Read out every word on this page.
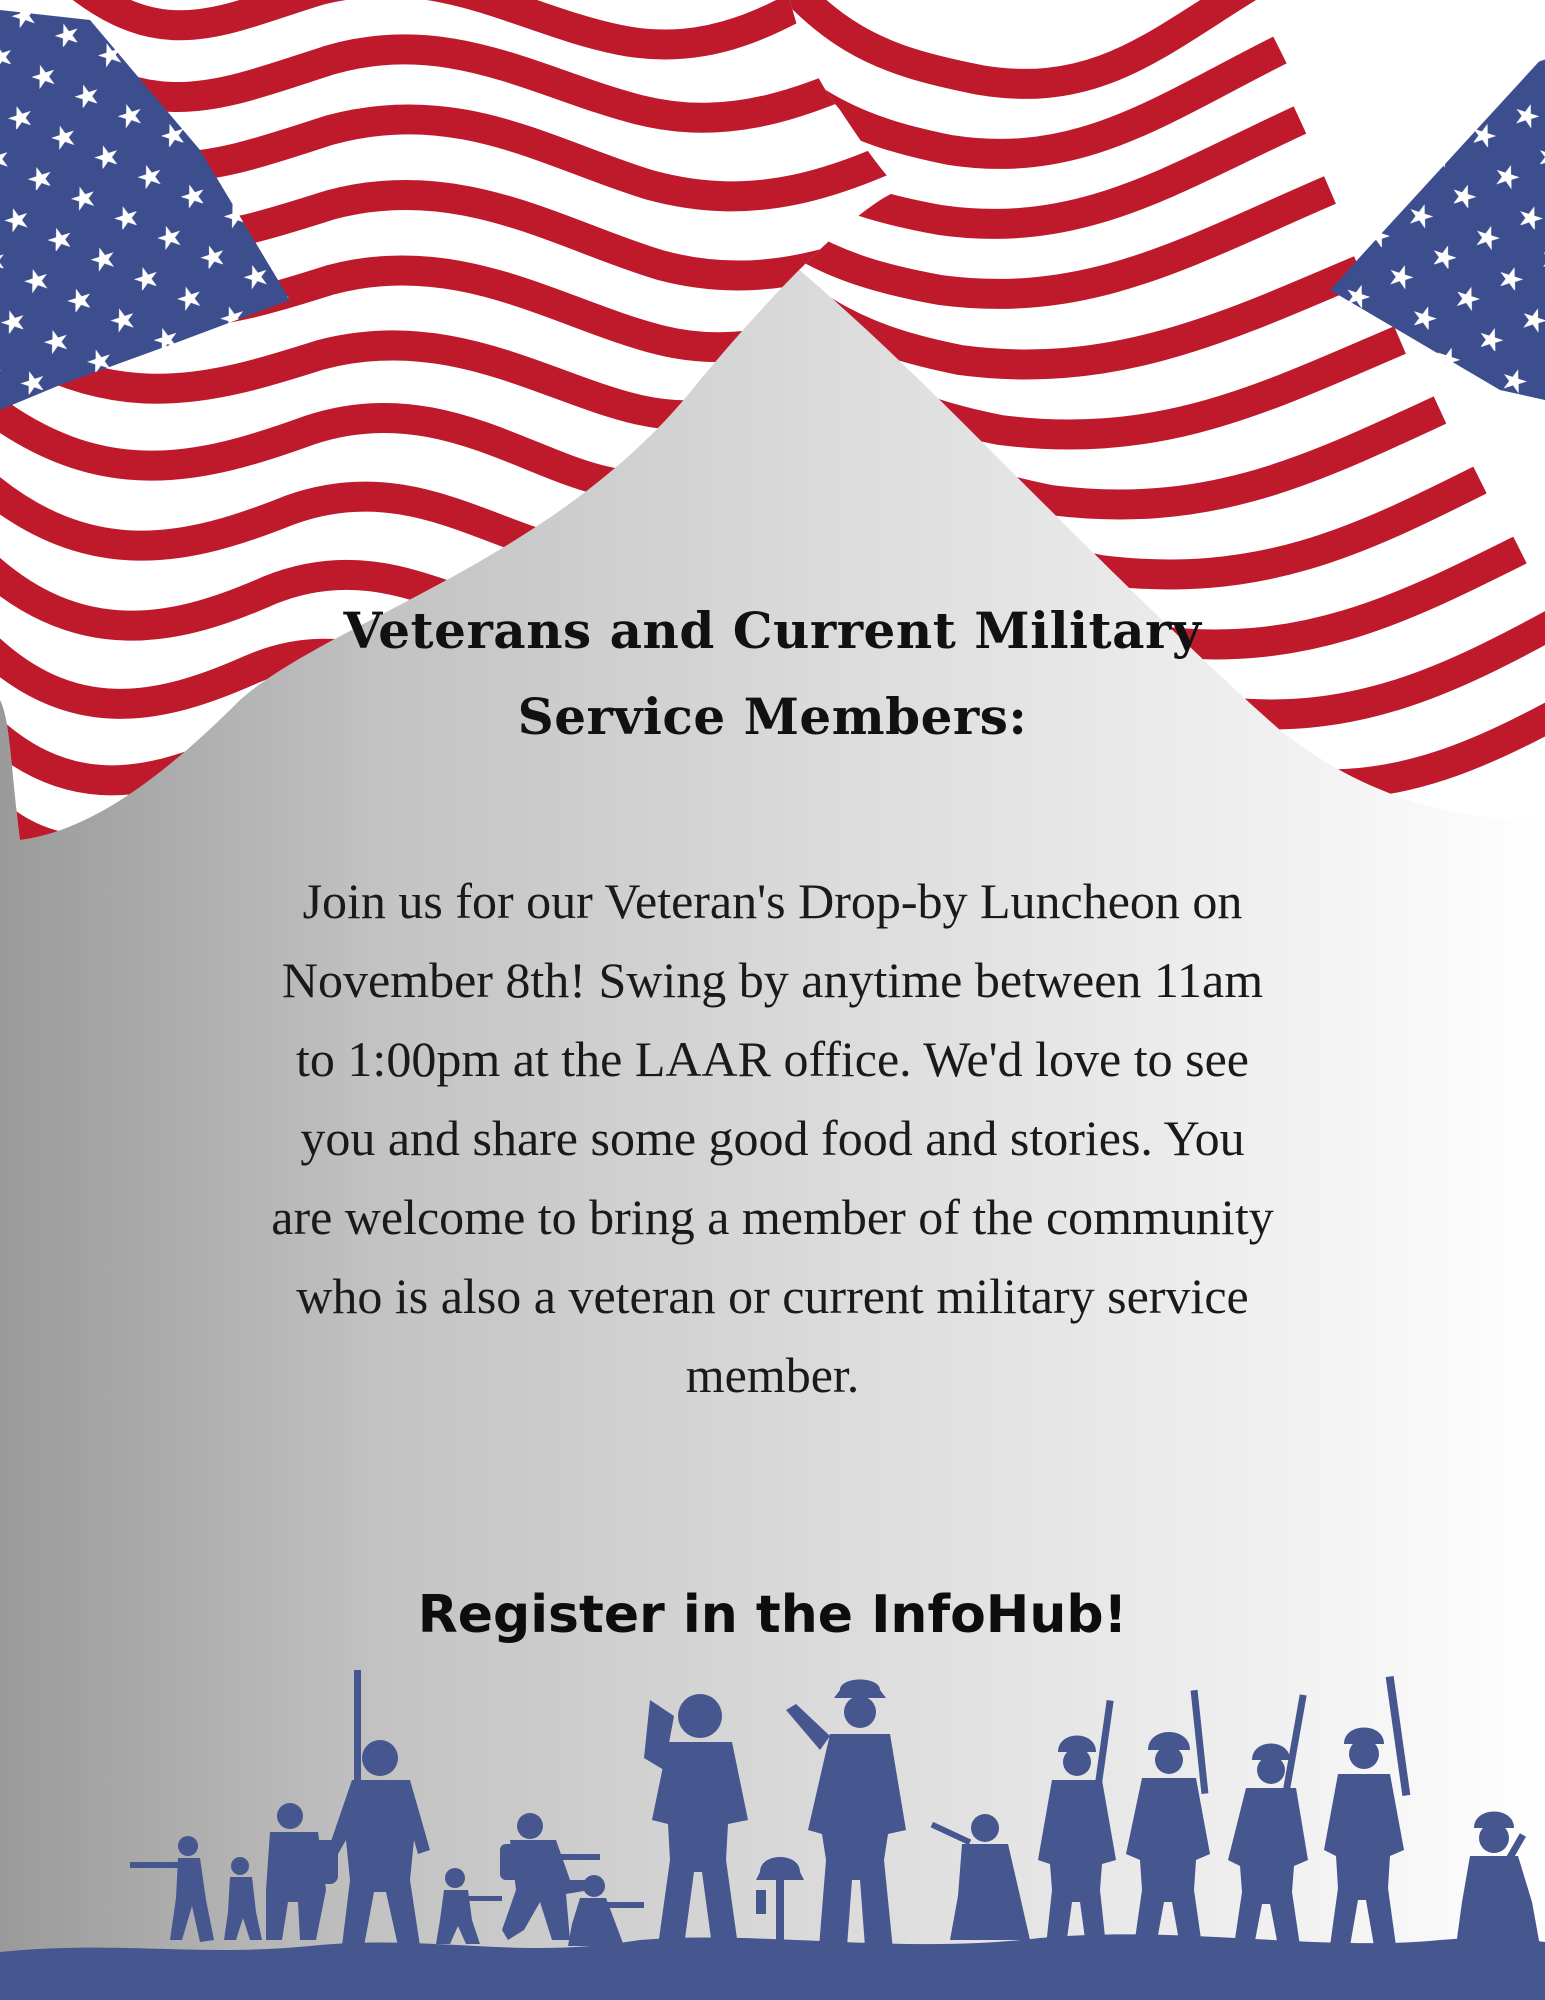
Veterans and Current Military Service Members:

Join us for our Veteran's Drop-by Luncheon on November 8th! Swing by anytime between 11am to 1:00pm at the LAAR office. We'd love to see you and share some good food and stories. You are welcome to bring a member of the community who is also a veteran or current military service member.

Register in the InfoHub!
